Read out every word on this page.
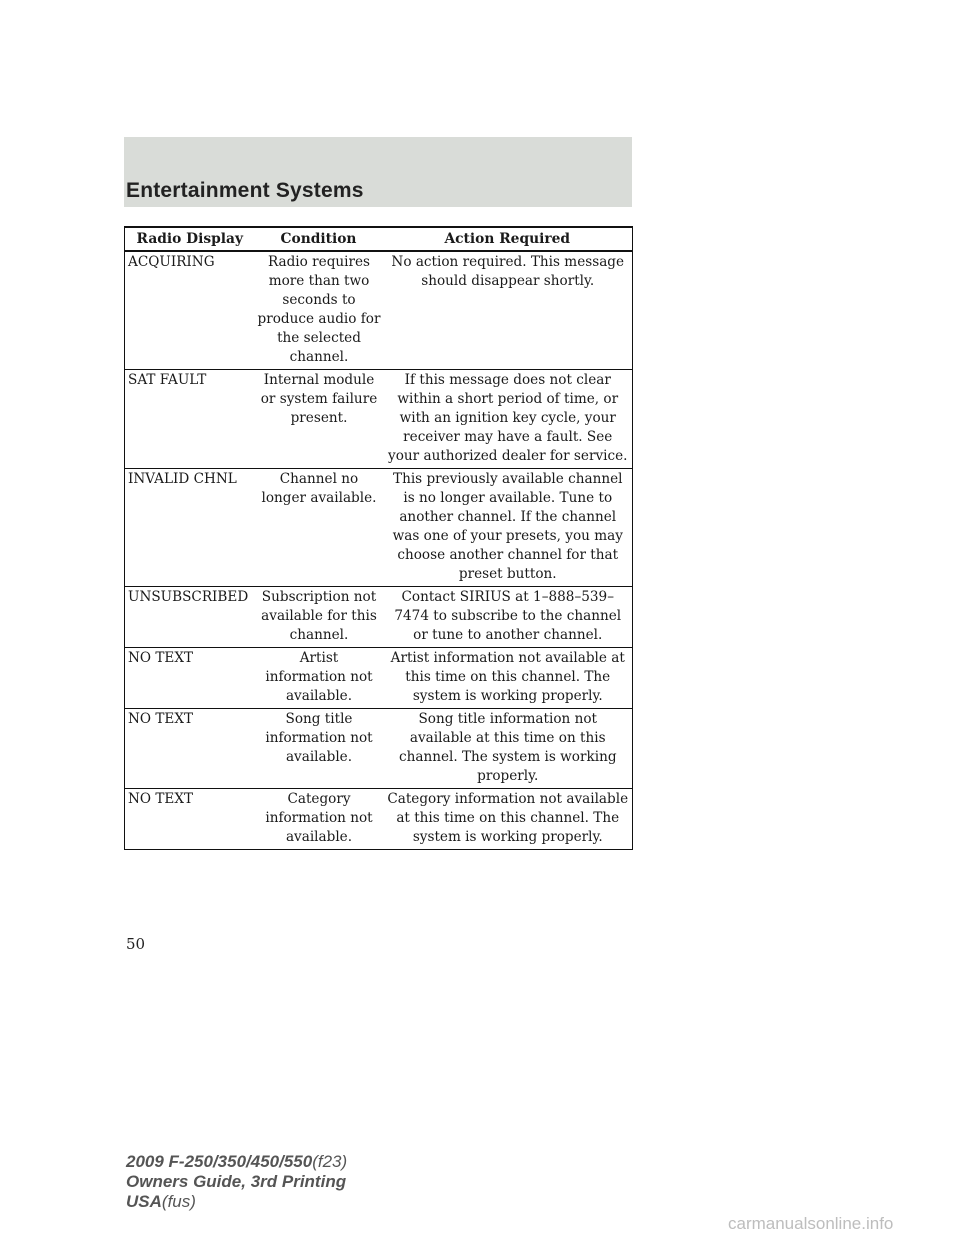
Entertainment Systems
Radio Display	Condition	Action Required
ACQUIRING	Radio requires more than two seconds to produce audio for the selected channel.	No action required. This message should disappear shortly.
SAT FAULT	Internal module or system failure present.	If this message does not clear within a short period of time, or with an ignition key cycle, your receiver may have a fault. See your authorized dealer for service.
INVALID CHNL	Channel no longer available.	This previously available channel is no longer available. Tune to another channel. If the channel was one of your presets, you may choose another channel for that preset button.
UNSUBSCRIBED	Subscription not available for this channel.	Contact SIRIUS at 1–888–539–7474 to subscribe to the channel or tune to another channel.
NO TEXT	Artist information not available.	Artist information not available at this time on this channel. The system is working properly.
NO TEXT	Song title information not available.	Song title information not available at this time on this channel. The system is working properly.
NO TEXT	Category information not available.	Category information not available at this time on this channel. The system is working properly.
50
2009 F-250/350/450/550(f23)
Owners Guide, 3rd Printing
USA(fus)
carmanualsonline.info
